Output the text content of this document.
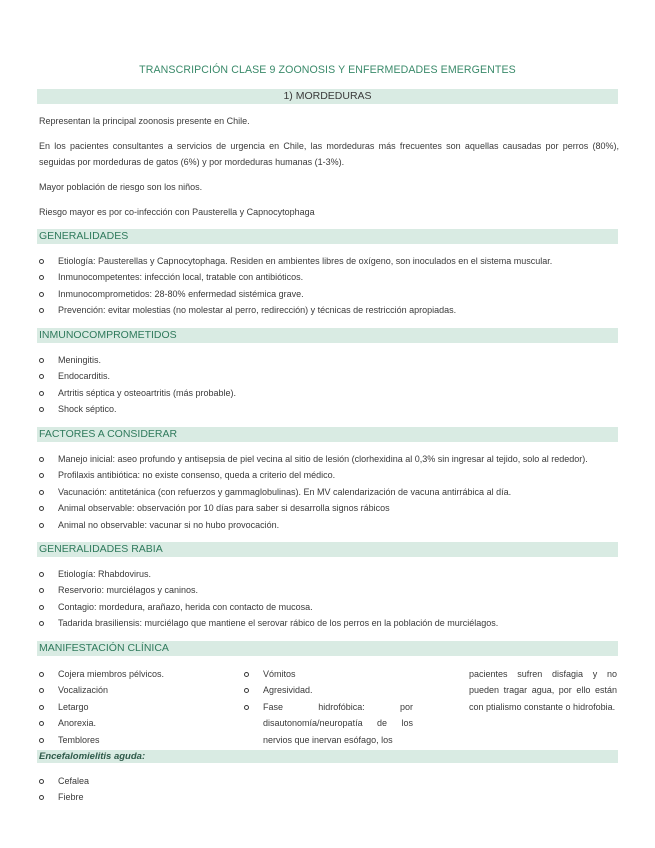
TRANSCRIPCIÓN CLASE 9 ZOONOSIS Y ENFERMEDADES EMERGENTES
1) MORDEDURAS
Representan la principal zoonosis presente en Chile.
En los pacientes consultantes a servicios de urgencia en Chile, las mordeduras más frecuentes son aquellas causadas por perros (80%), seguidas por mordeduras de gatos (6%) y por mordeduras humanas (1-3%).
Mayor población de riesgo son los niños.
Riesgo mayor es por co-infección con Pausterella y Capnocytophaga
GENERALIDADES
Etiología: Pausterellas y Capnocytophaga. Residen en ambientes libres de oxígeno, son inoculados en el sistema muscular.
Inmunocompetentes: infección local, tratable con antibióticos.
Inmunocomprometidos: 28-80% enfermedad sistémica grave.
Prevención: evitar molestias (no molestar al perro, redirección) y técnicas de restricción apropiadas.
INMUNOCOMPROMETIDOS
Meningitis.
Endocarditis.
Artritis séptica y osteoartritis (más probable).
Shock séptico.
FACTORES A CONSIDERAR
Manejo inicial: aseo profundo y antisepsia de piel vecina al sitio de lesión (clorhexidina al 0,3% sin ingresar al tejido, solo al rededor).
Profilaxis antibiótica: no existe consenso, queda a criterio del médico.
Vacunación: antitetánica (con refuerzos y gammaglobulinas). En MV calendarización de vacuna antirrábica al día.
Animal observable: observación por 10 días para saber si desarrolla signos rábicos
Animal no observable: vacunar si no hubo provocación.
GENERALIDADES RABIA
Etiología: Rhabdovirus.
Reservorio: murciélagos y caninos.
Contagio: mordedura, arañazo, herida con contacto de mucosa.
Tadarida brasiliensis: murciélago que mantiene el serovar rábico de los perros en la población de murciélagos.
MANIFESTACIÓN CLÍNICA
Cojera miembros pélvicos.
Vocalización
Letargo
Anorexia.
Temblores
Vómitos
Agresividad.
Fase hidrofóbica: por disautonomía/neuropatía de los nervios que inervan esófago, los
pacientes sufren disfagia y no pueden tragar agua, por ello están con ptialismo constante o hidrofobia.
Encefalomielitis aguda:
Cefalea
Fiebre
